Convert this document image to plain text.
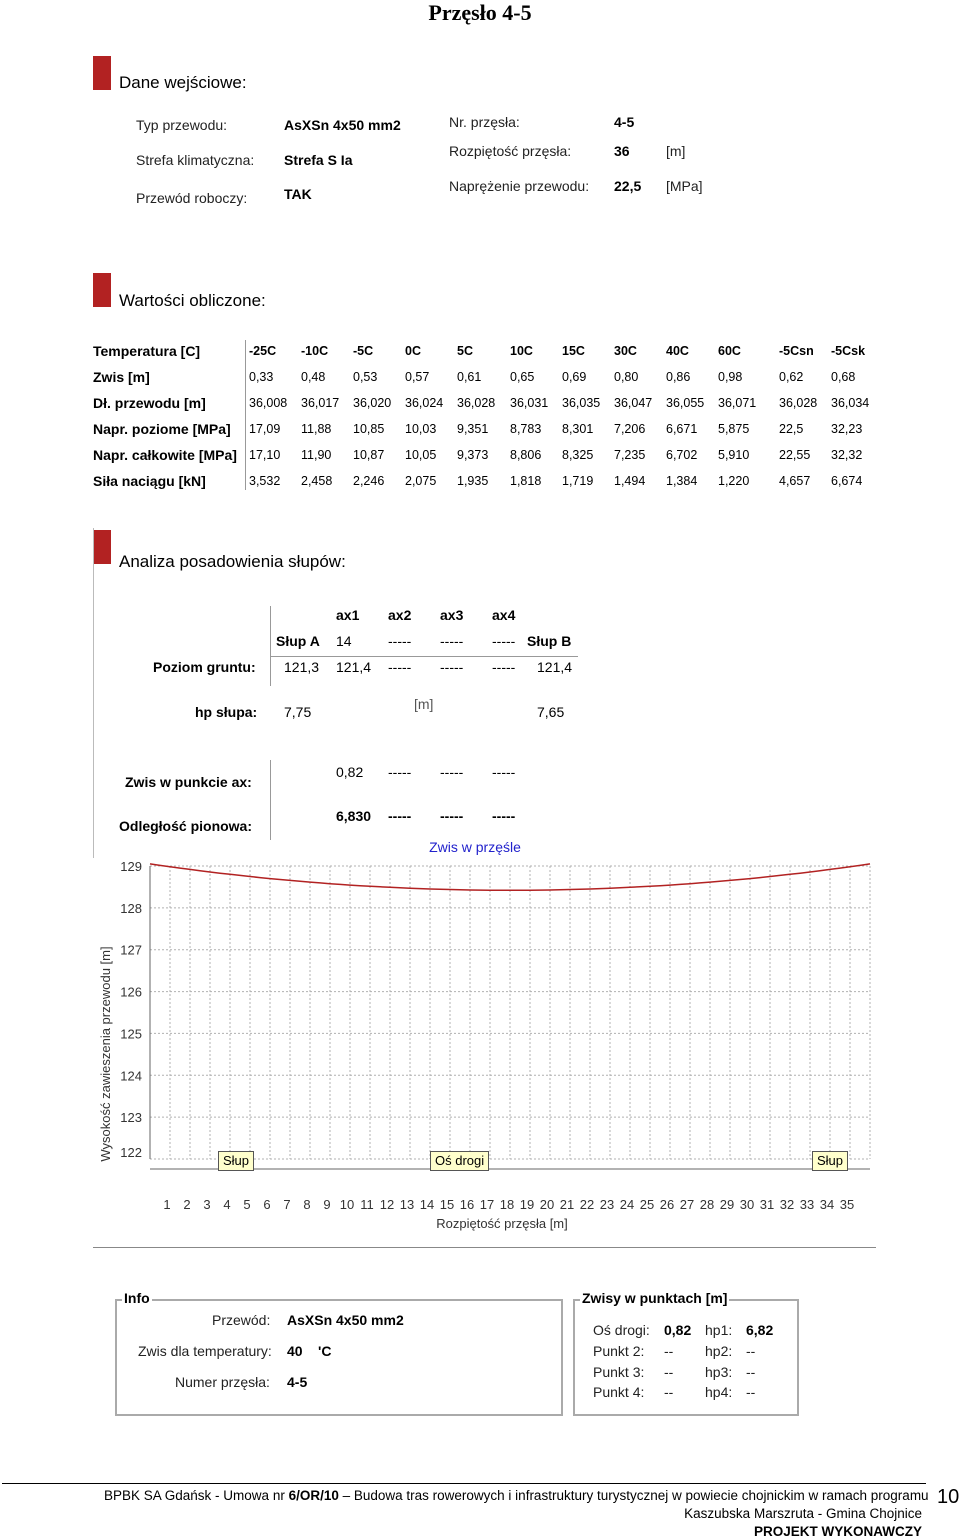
Przęsło 4-5
Dane wejściowe:
Typ przewodu:	AsXSn 4x50 mm2
Strefa klimatyczna: Strefa S Ia
Przewód roboczy:	TAK
Nr. przęsła:	4-5
Rozpiętość przęsła:	36	[m]
Naprężenie przewodu: 22,5 [MPa]
Wartości obliczone:
Temperatura [C]	-25C -10C -5C	0C	5C	10C 15C 30C 40C 60C	-5Csn -5Csk
Zwis [m]	0,33 0,48 0,53 0,57 0,61 0,65 0,69 0,80 0,86 0,98	0,62 0,68
Dł. przewodu [m]	36,008 36,017 36,020 36,024 36,028 36,031 36,035 36,047 36,055 36,071 36,028 36,034
Napr. poziome [MPa] 17,09 11,88 10,85 10,03 9,351 8,783 8,301 7,206 6,671 5,875 22,5 32,23
Napr. całkowite [MPa] 17,10 11,90 10,87 10,05 9,373 8,806 8,325 7,235 6,702 5,910 22,55 32,32
Siła naciągu [kN]	3,532 2,458 2,246 2,075 1,935 1,818 1,719 1,494 1,384 1,220 4,657 6,674
Analiza posadowienia słupów:
ax1 ax2 ax3 ax4
Słup A 14	----- ----- ----- Słup B
Poziom gruntu: 121,3 121,4 ----- ----- ----- 121,4
[m]
hp słupa: 7,75	7,65
Zwis w punkcie ax:
0,82 ----- ----- -----
Odległość pionowa:
6,830 ----- ----- -----
Zwis w przęśle
Wysokość zawieszenia przewodu [m]
Rozpiętość przęsła [m]
123
124
125
126
127
128
129
122
1 2 3 4 5 6 7 8 9 10 11 12 13 14 15 16 17 18 19 20 21 22 23 24 25 26 27 28 29 30 31 32 33 34 35
Słup	Oś drogi	Słup
Info
Przewód: AsXSn 4x50 mm2
Zwis dla temperatury: 40 'C
Numer przęsła: 4-5
Zwisy w punktach [m]
Oś drogi: 0,82 hp1: 6,82
Punkt 2: -- hp2: --
Punkt 3: -- hp3: --
Punkt 4: -- hp4: --
BPBK SA Gdańsk - Umowa nr 6/OR/10 – Budowa tras rowerowych i infrastruktury turystycznej w powiecie chojnickim w ramach programu
Kaszubska Marszruta - Gmina Chojnice
PROJEKT WYKONAWCZY
10
